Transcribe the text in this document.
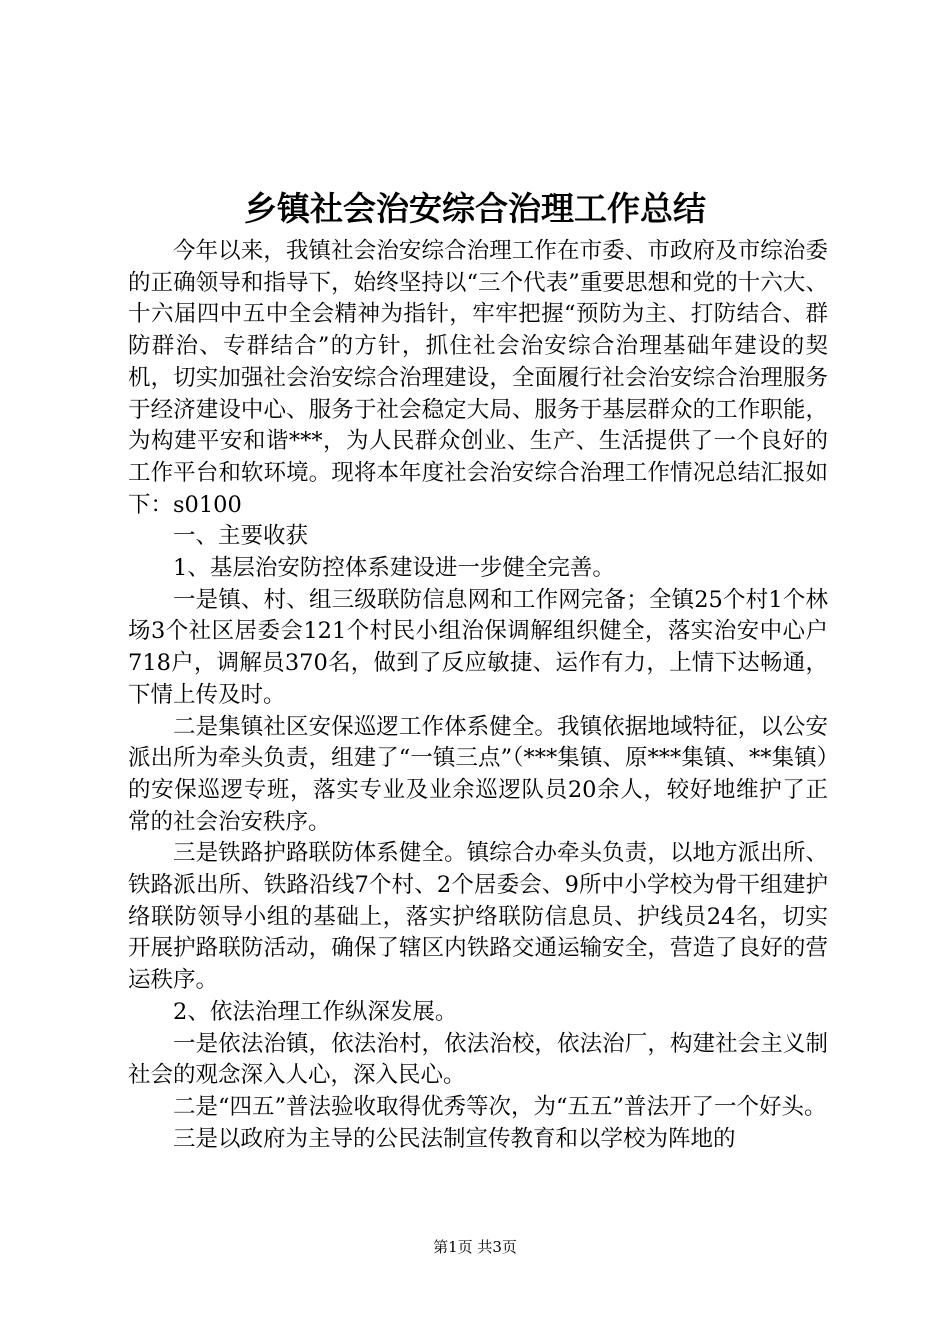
乡镇社会治安综合治理工作总结

今年以来，我镇社会治安综合治理工作在市委、市政府及市综治委的正确领导和指导下，始终坚持以“三个代表”重要思想和党的十六大、十六届四中五中全会精神为指针，牢牢把握“预防为主、打防结合、群防群治、专群结合”的方针，抓住社会治安综合治理基础年建设的契机，切实加强社会治安综合治理建设，全面履行社会治安综合治理服务于经济建设中心、服务于社会稳定大局、服务于基层群众的工作职能，为构建平安和谐***，为人民群众创业、生产、生活提供了一个良好的工作平台和软环境。现将本年度社会治安综合治理工作情况总结汇报如下：s0100

一、主要收获

1、基层治安防控体系建设进一步健全完善。

一是镇、村、组三级联防信息网和工作网完备；全镇25个村1个林场3个社区居委会121个村民小组治保调解组织健全，落实治安中心户718户，调解员370名，做到了反应敏捷、运作有力，上情下达畅通，下情上传及时。

二是集镇社区安保巡逻工作体系健全。我镇依据地域特征，以公安派出所为牵头负责，组建了“一镇三点”（***集镇、原***集镇、**集镇）的安保巡逻专班，落实专业及业余巡逻队员20余人，较好地维护了正常的社会治安秩序。

三是铁路护路联防体系健全。镇综合办牵头负责，以地方派出所、铁路派出所、铁路沿线7个村、2个居委会、9所中小学校为骨干组建护络联防领导小组的基础上，落实护络联防信息员、护线员24名，切实开展护路联防活动，确保了辖区内铁路交通运输安全，营造了良好的营运秩序。

2、依法治理工作纵深发展。

一是依法治镇，依法治村，依法治校，依法治厂，构建社会主义制社会的观念深入人心，深入民心。

二是“四五”普法验收取得优秀等次，为“五五”普法开了一个好头。

三是以政府为主导的公民法制宣传教育和以学校为阵地的

第1页 共3页
